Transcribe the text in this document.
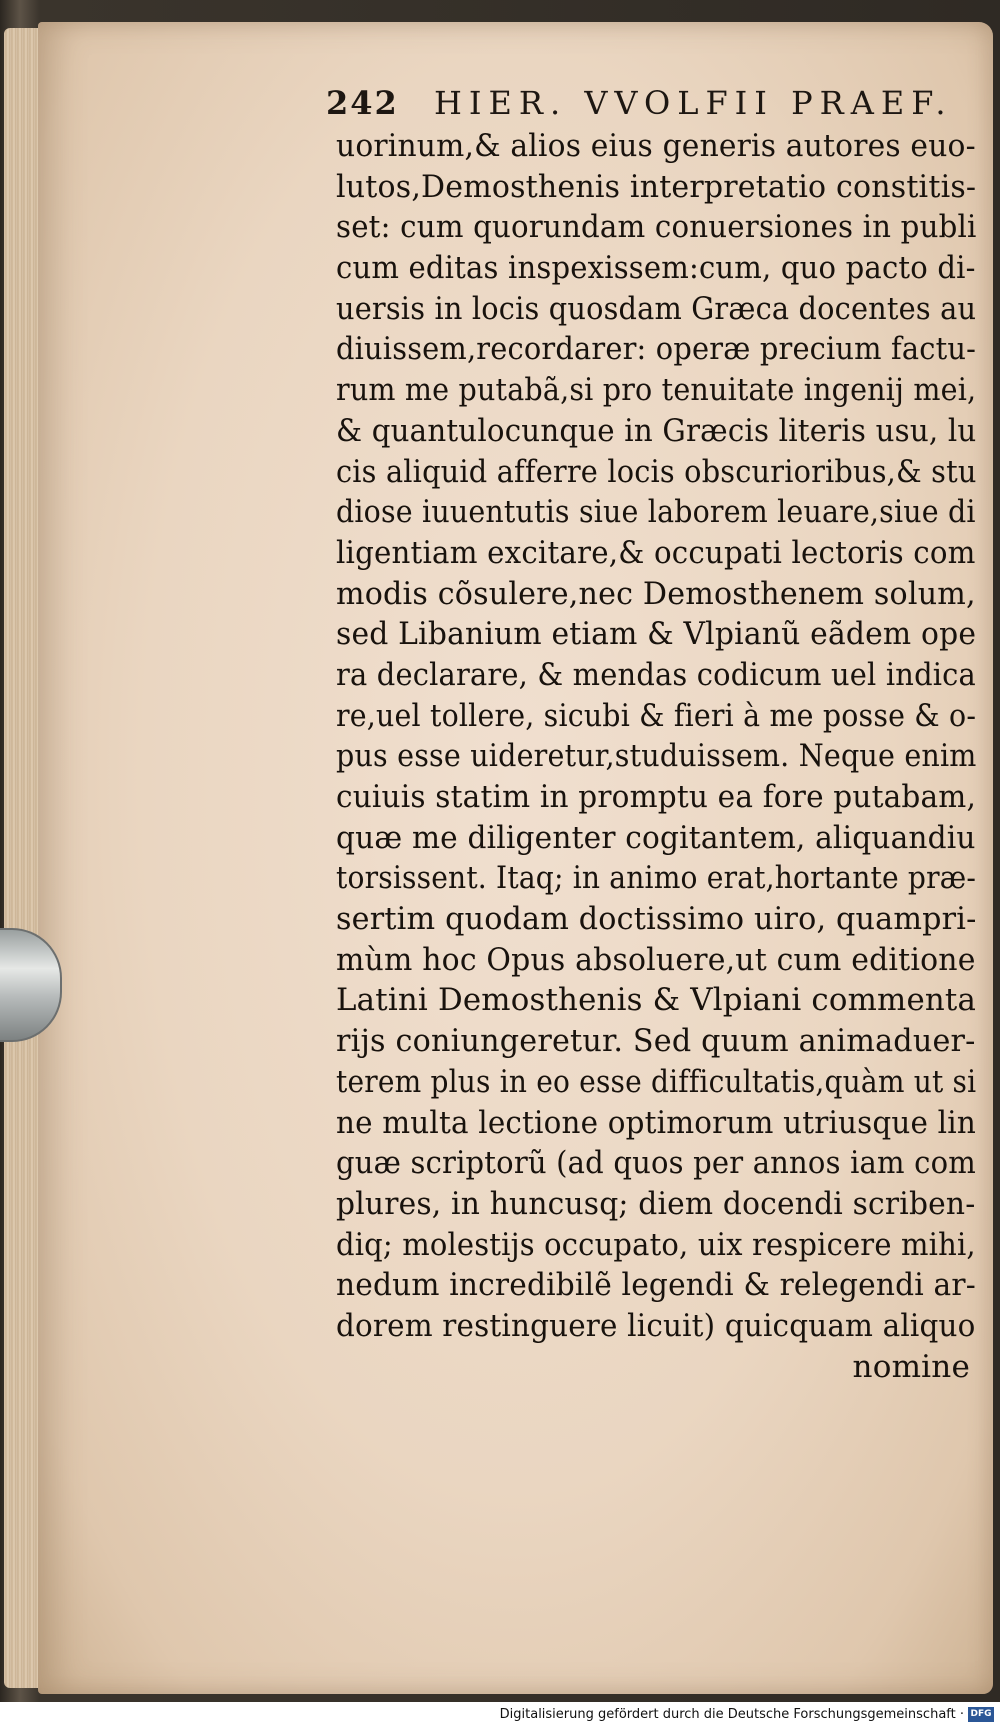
242 HIER. VVOLFII PRAEF.
uorinum,& alios eius generis autores euo-
lutos,Demosthenis interpretatio constitis-
set: cum quorundam conuersiones in publi
cum editas inspexissem:cum, quo pacto di-
uersis in locis quosdam Græca docentes au
diuissem,recordarer: operæ precium factu-
rum me putabã,si pro tenuitate ingenij mei,
& quantulocunque in Græcis literis usu, lu
cis aliquid afferre locis obscurioribus,& stu
diose iuuentutis siue laborem leuare,siue di
ligentiam excitare,& occupati lectoris com
modis cõsulere,nec Demosthenem solum,
sed Libanium etiam & Vlpianũ eãdem ope
ra declarare, & mendas codicum uel indica
re,uel tollere, sicubi & fieri à me posse & o-
pus esse uideretur,studuissem. Neque enim
cuiuis statim in promptu ea fore putabam,
quæ me diligenter cogitantem, aliquandiu
torsissent. Itaq; in animo erat,hortante præ-
sertim quodam doctissimo uiro, quampri-
mùm hoc Opus absoluere,ut cum editione
Latini Demosthenis & Vlpiani commenta
rijs coniungeretur. Sed quum animaduer-
terem plus in eo esse difficultatis,quàm ut si
ne multa lectione optimorum utriusque lin
guæ scriptorũ (ad quos per annos iam com
plures, in huncusq; diem docendi scriben-
diq; molestijs occupato, uix respicere mihi,
nedum incredibilẽ legendi & relegendi ar-
dorem restinguere licuit) quicquam aliquo
nomine
Digitalisierung gefördert durch die Deutsche Forschungsgemeinschaft · DFG
